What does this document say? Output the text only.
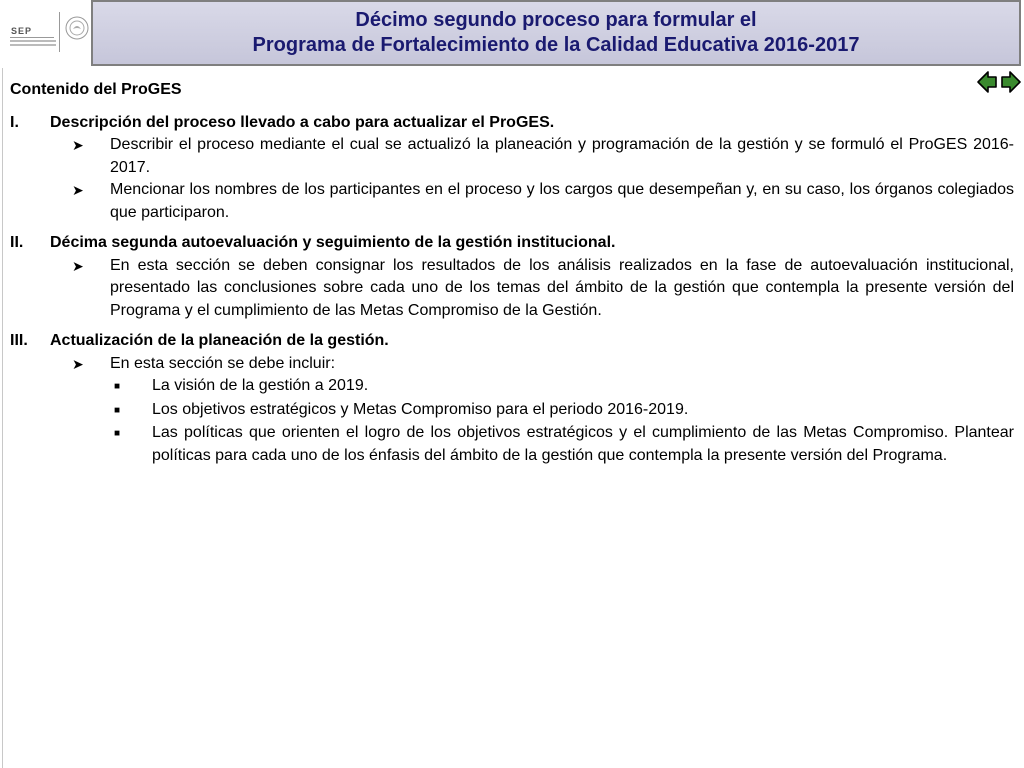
SEP	Décimo segundo proceso para formular el
Programa de Fortalecimiento de la Calidad Educativa 2016-2017
Contenido del ProGES
I.	Descripción del proceso llevado a cabo para actualizar el ProGES.
➤	Describir el proceso mediante el cual se actualizó la planeación y programación de la gestión y se formuló el ProGES 2016-2017.
➤	Mencionar los nombres de los participantes en el proceso y los cargos que desempeñan y, en su caso, los órganos colegiados que participaron.
II.	Décima segunda autoevaluación y seguimiento de la gestión institucional.
➤	En esta sección se deben consignar los resultados de los análisis realizados en la fase de autoevaluación institucional, presentado las conclusiones sobre cada uno de los temas del ámbito de la gestión que contempla la presente versión del Programa y el cumplimiento de las Metas Compromiso de la Gestión.
III.	Actualización de la planeación de la gestión.
➤	En esta sección se debe incluir:
■	La visión de la gestión a 2019.
■	Los objetivos estratégicos y Metas Compromiso para el periodo 2016-2019.
■	Las políticas que orienten el logro de los objetivos estratégicos y el cumplimiento de las Metas Compromiso. Plantear políticas para cada uno de los énfasis del ámbito de la gestión que contempla la presente versión del Programa.
